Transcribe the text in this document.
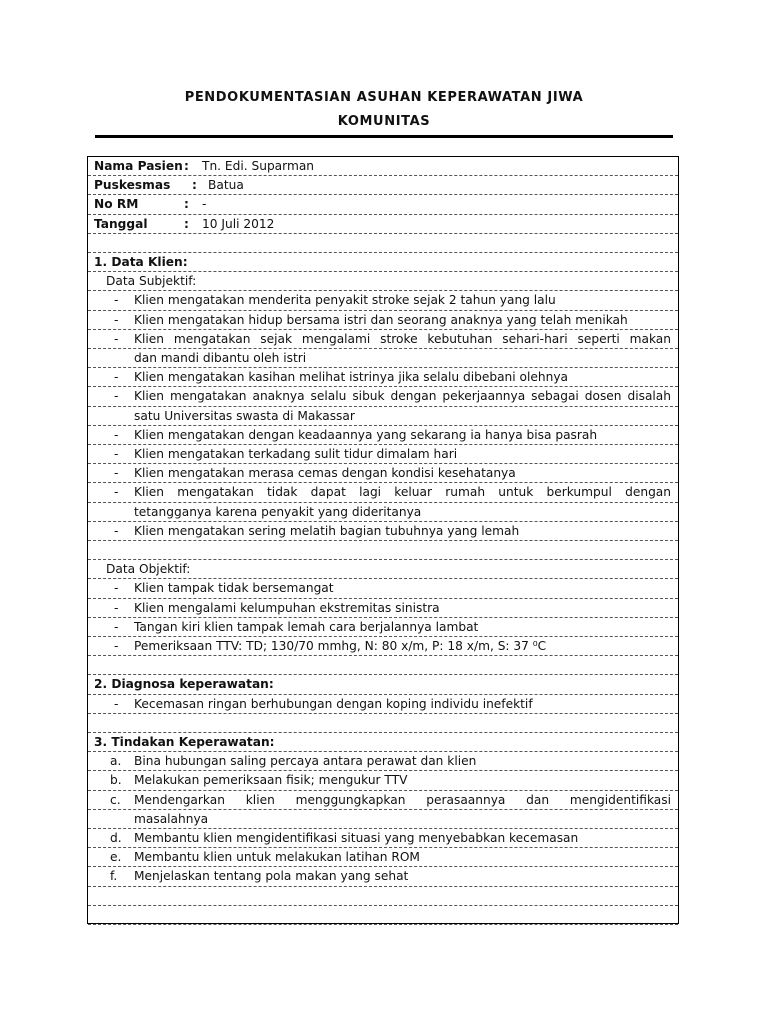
PENDOKUMENTASIAN ASUHAN KEPERAWATAN JIWA
KOMUNITAS
Nama Pasien : Tn. Edi. Suparman
Puskesmas : Batua
No RM	: -
Tanggal	: 10 Juli 2012
1. Data Klien:
Data Subjektif:
- Klien mengatakan menderita penyakit stroke sejak 2 tahun yang lalu
- Klien mengatakan hidup bersama istri dan seorang anaknya yang telah menikah
- Klien mengatakan sejak mengalami stroke kebutuhan sehari-hari seperti makan
dan mandi dibantu oleh istri
- Klien mengatakan kasihan melihat istrinya jika selalu dibebani olehnya
- Klien mengatakan anaknya selalu sibuk dengan pekerjaannya sebagai dosen disalah
satu Universitas swasta di Makassar
- Klien mengatakan dengan keadaannya yang sekarang ia hanya bisa pasrah
- Klien mengatakan terkadang sulit tidur dimalam hari
- Klien mengatakan merasa cemas dengan kondisi kesehatanya
- Klien mengatakan tidak dapat lagi keluar rumah untuk berkumpul dengan
tetangganya karena penyakit yang dideritanya
- Klien mengatakan sering melatih bagian tubuhnya yang lemah
Data Objektif:
- Klien tampak tidak bersemangat
- Klien mengalami kelumpuhan ekstremitas sinistra
- Tangan kiri klien tampak lemah cara berjalannya lambat
- Pemeriksaan TTV: TD; 130/70 mmhg, N: 80 x/m, P: 18 x/m, S: 37 ⁰C
2. Diagnosa keperawatan:
- Kecemasan ringan berhubungan dengan koping individu inefektif
3. Tindakan Keperawatan:
a. Bina hubungan saling percaya antara perawat dan klien
b. Melakukan pemeriksaan fisik; mengukur TTV
c. Mendengarkan klien menggungkapkan perasaannya dan mengidentifikasi
masalahnya
d. Membantu klien mengidentifikasi situasi yang menyebabkan kecemasan
e. Membantu klien untuk melakukan latihan ROM
f. Menjelaskan tentang pola makan yang sehat
